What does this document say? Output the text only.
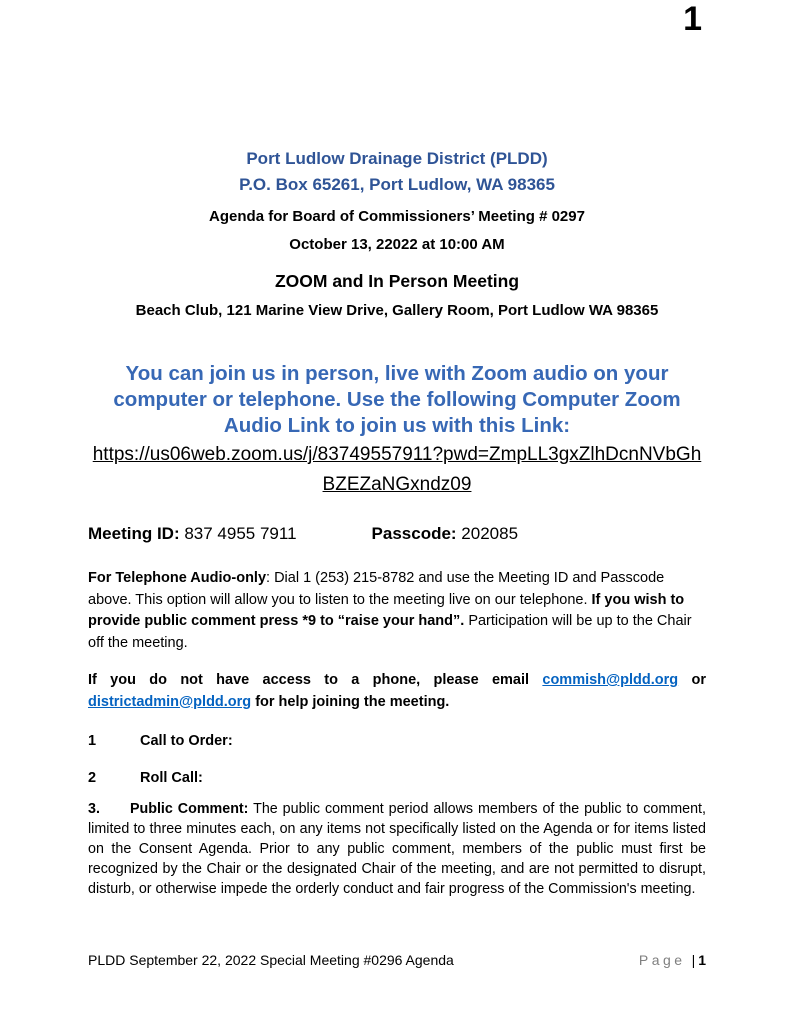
1
Port Ludlow Drainage District (PLDD)
P.O. Box 65261, Port Ludlow, WA 98365
Agenda for Board of Commissioners’ Meeting # 0297
October 13, 22022 at 10:00 AM
ZOOM and In Person Meeting
Beach Club, 121 Marine View Drive, Gallery Room, Port Ludlow WA 98365
You can join us in person, live with Zoom audio on your computer or telephone. Use the following Computer Zoom Audio Link to join us with this Link:
https://us06web.zoom.us/j/83749557911?pwd=ZmpLL3gxZlhDcnNVbGh
BZEZaNGxndz09
Meeting ID: 837 4955 7911	Passcode: 202085

For Telephone Audio-only: Dial 1 (253) 215-8782 and use the Meeting ID and Passcode above. This option will allow you to listen to the meeting live on our telephone. If you wish to provide public comment press *9 to “raise your hand”. Participation will be up to the Chair off the meeting.

If you do not have access to a phone, please email commish@pldd.org or districtadmin@pldd.org for help joining the meeting.

1	Call to Order:
2	Roll Call:

3. Public Comment: The public comment period allows members of the public to comment, limited to three minutes each, on any items not specifically listed on the Agenda or for items listed on the Consent Agenda. Prior to any public comment, members of the public must first be recognized by the Chair or the designated Chair of the meeting, and are not permitted to disrupt, disturb, or otherwise impede the orderly conduct and fair progress of the Commission's meeting.

PLDD September 22, 2022 Special Meeting #0296 Agenda	Page | 1
